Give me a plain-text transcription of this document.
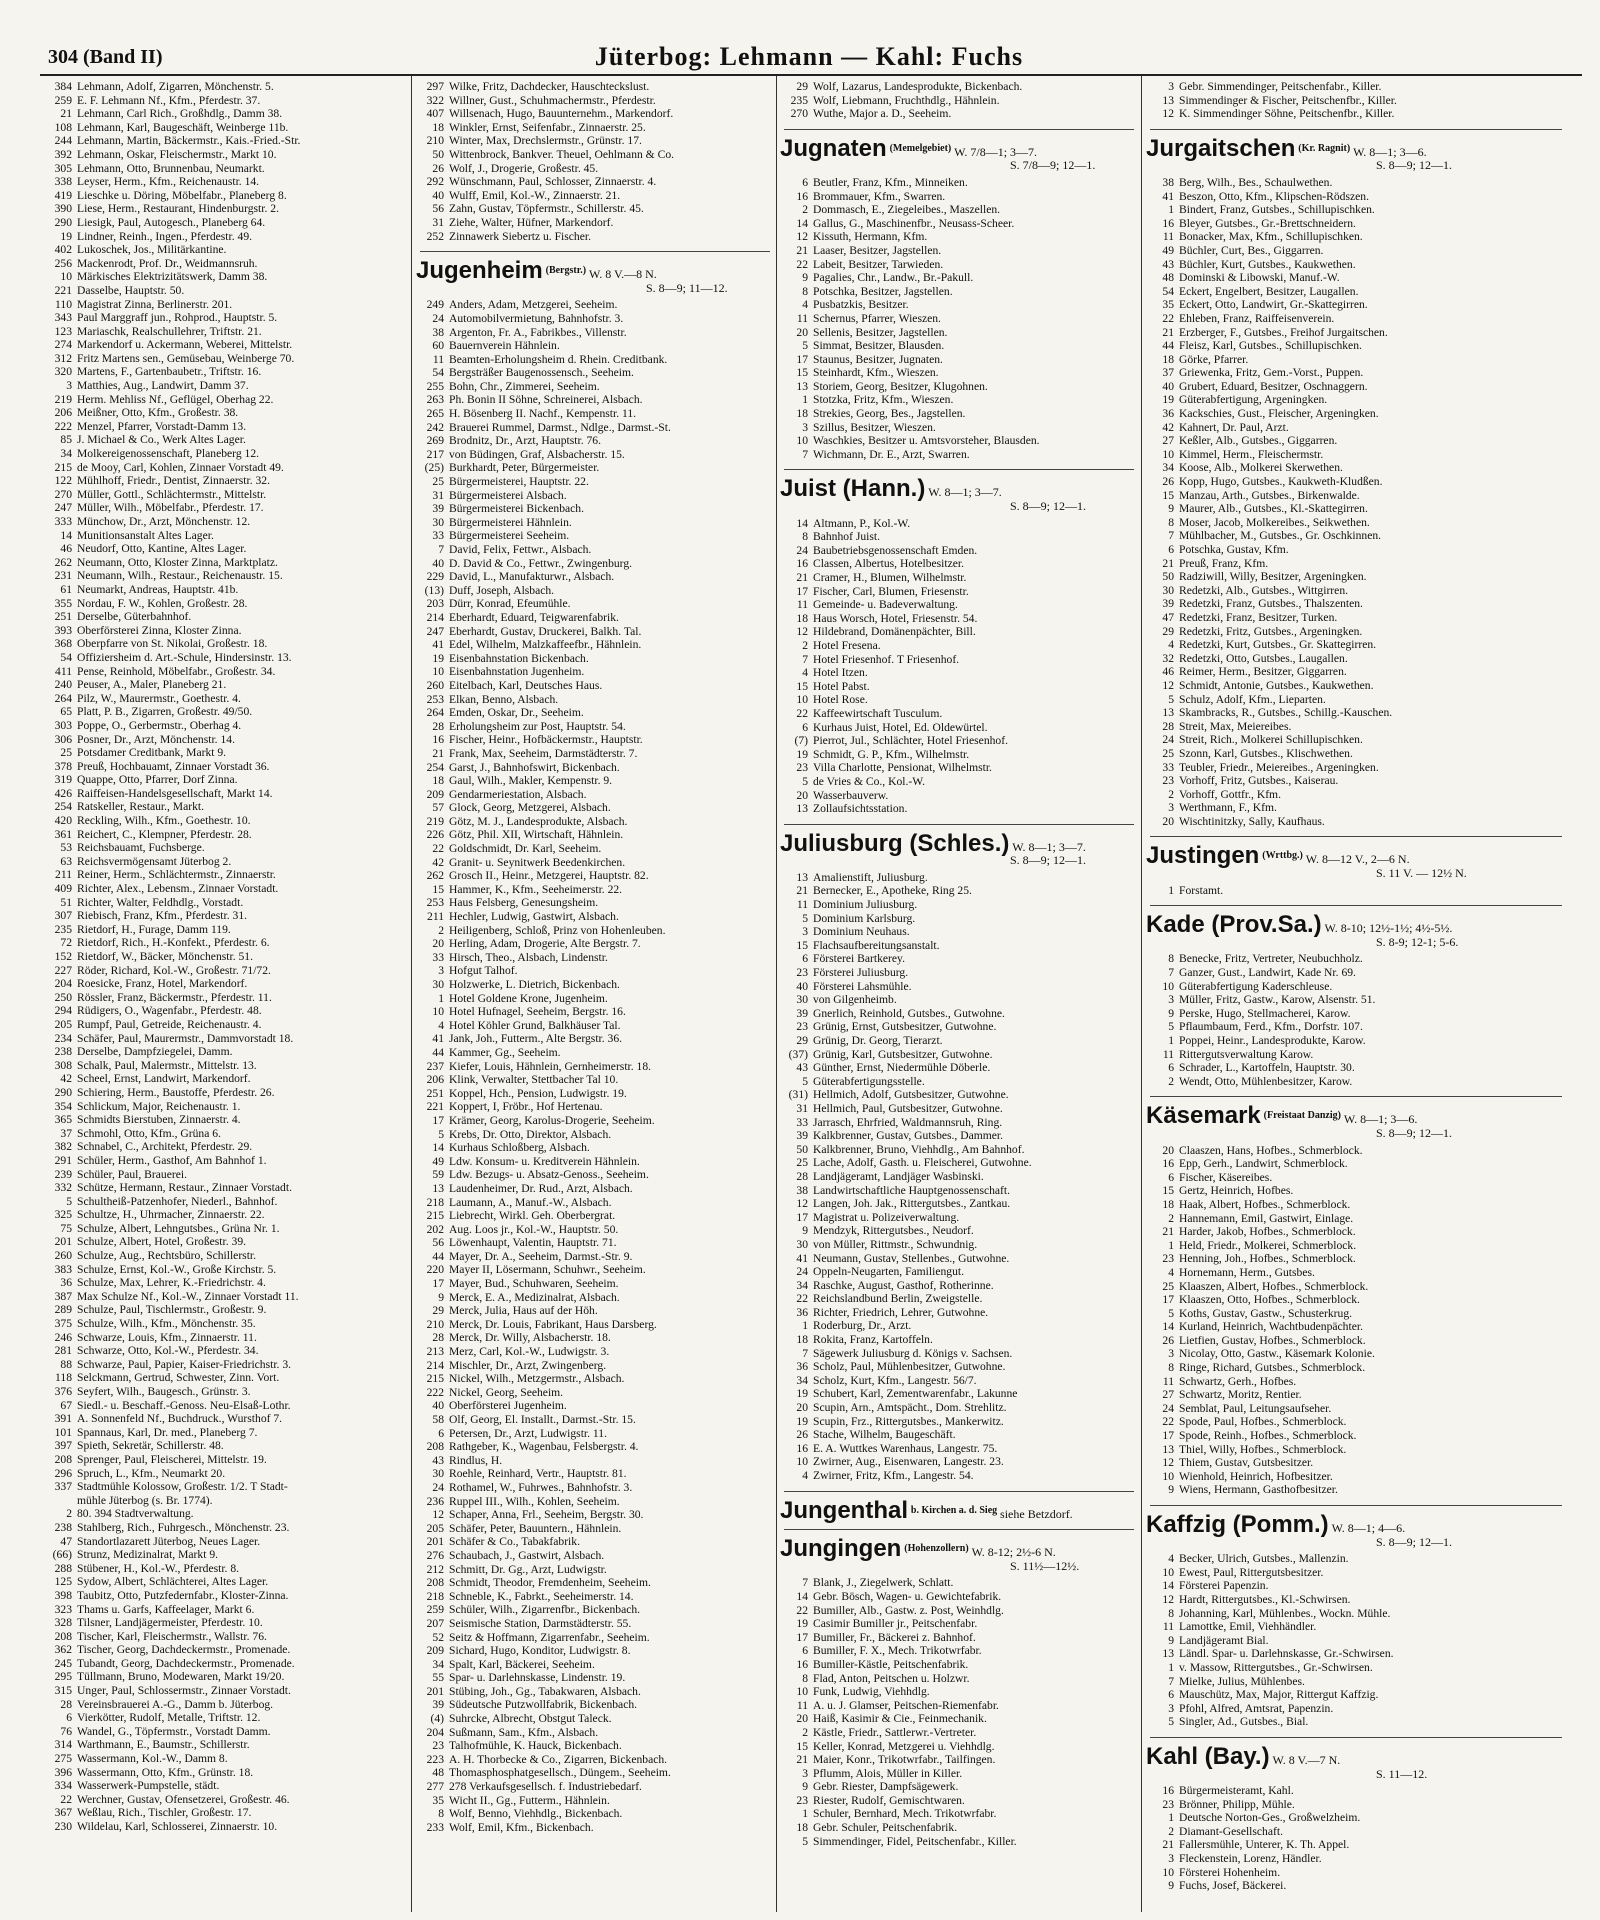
304 (Band II)	Jüterbog: Lehmann — Kahl: Fuchs
384 Lehmann, Adolf, Zigarren, Mönchenstr. 5.
259 E. F. Lehmann Nf., Kfm., Pferdestr. 37.
21 Lehmann, Carl Rich., Großhdlg., Damm 38.
108 Lehmann, Karl, Baugeschäft, Weinberge 11b.
244 Lehmann, Martin, Bäckermstr., Kais.-Fried.-Str.
392 Lehmann, Oskar, Fleischermstr., Markt 10.
305 Lehmann, Otto, Brunnenbau, Neumarkt.
338 Leyser, Herm., Kfm., Reichenaustr. 14.
419 Lieschke u. Döring, Möbelfabr., Planeberg 8.
390 Liese, Herm., Restaurant, Hindenburgstr. 2.
290 Liesigk, Paul, Autogesch., Planeberg 64.
19 Lindner, Reinh., Ingen., Pferdestr. 49.
402 Lukoschek, Jos., Militärkantine.
256 Mackenrodt, Prof. Dr., Weidmannsruh.
10 Märkisches Elektrizitätswerk, Damm 38.
221 Dasselbe, Hauptstr. 50.
110 Magistrat Zinna, Berlinerstr. 201.
343 Paul Marggraff jun., Rohprod., Hauptstr. 5.
123 Mariaschk, Realschullehrer, Triftstr. 21.
274 Markendorf u. Ackermann, Weberei, Mittelstr.
312 Fritz Martens sen., Gemüsebau, Weinberge 70.
320 Martens, F., Gartenbaubetr., Triftstr. 16.
3 Matthies, Aug., Landwirt, Damm 37.
219 Herm. Mehliss Nf., Geflügel, Oberhag 22.
206 Meißner, Otto, Kfm., Großestr. 38.
222 Menzel, Pfarrer, Vorstadt-Damm 13.
85 J. Michael & Co., Werk Altes Lager.
34 Molkereigenossenschaft, Planeberg 12.
215 de Mooy, Carl, Kohlen, Zinnaer Vorstadt 49.
122 Mühlhoff, Friedr., Dentist, Zinnaerstr. 32.
270 Müller, Gottl., Schlächtermstr., Mittelstr.
247 Müller, Wilh., Möbelfabr., Pferdestr. 17.
333 Münchow, Dr., Arzt, Mönchenstr. 12.
14 Munitionsanstalt Altes Lager.
46 Neudorf, Otto, Kantine, Altes Lager.
262 Neumann, Otto, Kloster Zinna, Marktplatz.
231 Neumann, Wilh., Restaur., Reichenaustr. 15.
61 Neumarkt, Andreas, Hauptstr. 41b.
355 Nordau, F. W., Kohlen, Großestr. 28.
251 Derselbe, Güterbahnhof.
393 Oberförsterei Zinna, Kloster Zinna.
368 Oberpfarre von St. Nikolai, Großestr. 18.
54 Offiziersheim d. Art.-Schule, Hindersinstr. 13.
411 Pense, Reinhold, Möbelfabr., Großestr. 34.
240 Peuser, A., Maler, Planeberg 21.
264 Pilz, W., Maurermstr., Goethestr. 4.
65 Platt, P. B., Zigarren, Großestr. 49/50.
303 Poppe, O., Gerbermstr., Oberhag 4.
306 Posner, Dr., Arzt, Mönchenstr. 14.
25 Potsdamer Creditbank, Markt 9.
378 Preuß, Hochbauamt, Zinnaer Vorstadt 36.
319 Quappe, Otto, Pfarrer, Dorf Zinna.
426 Raiffeisen-Handelsgesellschaft, Markt 14.
254 Ratskeller, Restaur., Markt.
420 Reckling, Wilh., Kfm., Goethestr. 10.
361 Reichert, C., Klempner, Pferdestr. 28.
53 Reichsbauamt, Fuchsberge.
63 Reichsvermögensamt Jüterbog 2.
211 Reiner, Herm., Schlächtermstr., Zinnaerstr.
409 Richter, Alex., Lebensm., Zinnaer Vorstadt.
51 Richter, Walter, Feldhdlg., Vorstadt.
307 Riebisch, Franz, Kfm., Pferdestr. 31.
235 Rietdorf, H., Furage, Damm 119.
72 Rietdorf, Rich., H.-Konfekt., Pferdestr. 6.
152 Rietdorf, W., Bäcker, Mönchenstr. 51.
227 Röder, Richard, Kol.-W., Großestr. 71/72.
204 Roesicke, Franz, Hotel, Markendorf.
250 Rössler, Franz, Bäckermstr., Pferdestr. 11.
294 Rüdigers, O., Wagenfabr., Pferdestr. 48.
205 Rumpf, Paul, Getreide, Reichenaustr. 4.
234 Schäfer, Paul, Maurermstr., Dammvorstadt 18.
238 Derselbe, Dampfziegelei, Damm.
308 Schalk, Paul, Malermstr., Mittelstr. 13.
42 Scheel, Ernst, Landwirt, Markendorf.
290 Schiering, Herm., Baustoffe, Pferdestr. 26.
354 Schlickum, Major, Reichenaustr. 1.
365 Schmidts Bierstuben, Zinnaerstr. 4.
37 Schmohl, Otto, Kfm., Grüna 6.
382 Schnabel, C., Architekt, Pferdestr. 29.
291 Schüler, Herm., Gasthof, Am Bahnhof 1.
239 Schüler, Paul, Brauerei.
332 Schütze, Hermann, Restaur., Zinnaer Vorstadt.
5 Schultheiß-Patzenhofer, Niederl., Bahnhof.
325 Schultze, H., Uhrmacher, Zinnaerstr. 22.
75 Schulze, Albert, Lehngutsbes., Grüna Nr. 1.
201 Schulze, Albert, Hotel, Großestr. 39.
260 Schulze, Aug., Rechtsbüro, Schillerstr.
383 Schulze, Ernst, Kol.-W., Große Kirchstr. 5.
36 Schulze, Max, Lehrer, K.-Friedrichstr. 4.
387 Max Schulze Nf., Kol.-W., Zinnaer Vorstadt 11.
289 Schulze, Paul, Tischlermstr., Großestr. 9.
375 Schulze, Wilh., Kfm., Mönchenstr. 35.
246 Schwarze, Louis, Kfm., Zinnaerstr. 11.
281 Schwarze, Otto, Kol.-W., Pferdestr. 34.
88 Schwarze, Paul, Papier, Kaiser-Friedrichstr. 3.
118 Selckmann, Gertrud, Schwester, Zinn. Vort.
376 Seyfert, Wilh., Baugesch., Grünstr. 3.
67 Siedl.- u. Beschaff.-Genoss. Neu-Elsaß-Lothr.
391 A. Sonnenfeld Nf., Buchdruck., Wursthof 7.
101 Spannaus, Karl, Dr. med., Planeberg 7.
397 Spieth, Sekretär, Schillerstr. 48.
208 Sprenger, Paul, Fleischerei, Mittelstr. 19.
296 Spruch, L., Kfm., Neumarkt 20.
337 Stadtmühle Kolossow, Großestr. 1/2. T Stadt-
mühle Jüterbog (s. Br. 1774).
2 80. 394 Stadtverwaltung.
238 Stahlberg, Rich., Fuhrgesch., Mönchenstr. 23.
47 Standortlazarett Jüterbog, Neues Lager.
(66) Strunz, Medizinalrat, Markt 9.
288 Stübener, H., Kol.-W., Pferdestr. 8.
125 Sydow, Albert, Schlächterei, Altes Lager.
398 Taubitz, Otto, Putzfedernfabr., Kloster-Zinna.
323 Thams u. Garfs, Kaffeelager, Markt 6.
328 Tilsner, Landjägermeister, Pferdestr. 10.
208 Tischer, Karl, Fleischermstr., Wallstr. 76.
362 Tischer, Georg, Dachdeckermstr., Promenade.
245 Tubandt, Georg, Dachdeckermstr., Promenade.
295 Tüllmann, Bruno, Modewaren, Markt 19/20.
315 Unger, Paul, Schlossermstr., Zinnaer Vorstadt.
28 Vereinsbrauerei A.-G., Damm b. Jüterbog.
6 Vierkötter, Rudolf, Metalle, Triftstr. 12.
76 Wandel, G., Töpfermstr., Vorstadt Damm.
314 Warthmann, E., Baumstr., Schillerstr.
275 Wassermann, Kol.-W., Damm 8.
396 Wassermann, Otto, Kfm., Grünstr. 18.
334 Wasserwerk-Pumpstelle, städt.
22 Werchner, Gustav, Ofensetzerei, Großestr. 46.
367 Weßlau, Rich., Tischler, Großestr. 17.
230 Wildelau, Karl, Schlosserei, Zinnaerstr. 10.
297 Wilke, Fritz, Dachdecker, Hauschteckslust.
322 Willner, Gust., Schuhmachermstr., Pferdestr.
407 Willsenach, Hugo, Bauunternehm., Markendorf.
18 Winkler, Ernst, Seifenfabr., Zinnaerstr. 25.
210 Winter, Max, Drechslermstr., Grünstr. 17.
50 Wittenbrock, Bankver. Theuel, Oehlmann & Co.
26 Wolf, J., Drogerie, Großestr. 45.
292 Wünschmann, Paul, Schlosser, Zinnaerstr. 4.
40 Wulff, Emil, Kol.-W., Zinnaerstr. 21.
56 Zahn, Gustav, Töpfermstr., Schillerstr. 45.
31 Ziehe, Walter, Hüfner, Markendorf.
252 Zinnawerk Siebertz u. Fischer.
Jugenheim (Bergstr.) W. 8 V.—8 N.
S. 8—9; 11—12.
249 Anders, Adam, Metzgerei, Seeheim.
24 Automobilvermietung, Bahnhofstr. 3.
38 Argenton, Fr. A., Fabrikbes., Villenstr.
60 Bauernverein Hähnlein.
11 Beamten-Erholungsheim d. Rhein. Creditbank.
54 Bergsträßer Baugenossensch., Seeheim.
255 Bohn, Chr., Zimmerei, Seeheim.
263 Ph. Bonin II Söhne, Schreinerei, Alsbach.
265 H. Bösenberg II. Nachf., Kempenstr. 11.
242 Brauerei Rummel, Darmst., Ndlge., Darmst.-St.
269 Brodnitz, Dr., Arzt, Hauptstr. 76.
217 von Büdingen, Graf, Alsbacherstr. 15.
(25) Burkhardt, Peter, Bürgermeister.
25 Bürgermeisterei, Hauptstr. 22.
31 Bürgermeisterei Alsbach.
39 Bürgermeisterei Bickenbach.
30 Bürgermeisterei Hähnlein.
33 Bürgermeisterei Seeheim.
7 David, Felix, Fettwr., Alsbach.
40 D. David & Co., Fettwr., Zwingenburg.
229 David, L., Manufakturwr., Alsbach.
(13) Duff, Joseph, Alsbach.
203 Dürr, Konrad, Efeumühle.
214 Eberhardt, Eduard, Teigwarenfabrik.
247 Eberhardt, Gustav, Druckerei, Balkh. Tal.
41 Edel, Wilhelm, Malzkaffeefbr., Hähnlein.
19 Eisenbahnstation Bickenbach.
10 Eisenbahnstation Jugenheim.
260 Eitelbach, Karl, Deutsches Haus.
253 Elkan, Benno, Alsbach.
264 Emden, Oskar, Dr., Seeheim.
28 Erholungsheim zur Post, Hauptstr. 54.
16 Fischer, Heinr., Hofbäckermstr., Hauptstr.
21 Frank, Max, Seeheim, Darmstädterstr. 7.
254 Garst, J., Bahnhofswirt, Bickenbach.
18 Gaul, Wilh., Makler, Kempenstr. 9.
209 Gendarmeriestation, Alsbach.
57 Glock, Georg, Metzgerei, Alsbach.
219 Götz, M. J., Landesprodukte, Alsbach.
226 Götz, Phil. XII, Wirtschaft, Hähnlein.
22 Goldschmidt, Dr. Karl, Seeheim.
42 Granit- u. Seynitwerk Beedenkirchen.
262 Grosch II., Heinr., Metzgerei, Hauptstr. 82.
15 Hammer, K., Kfm., Seeheimerstr. 22.
253 Haus Felsberg, Genesungsheim.
211 Hechler, Ludwig, Gastwirt, Alsbach.
2 Heiligenberg, Schloß, Prinz von Hohenleuben.
20 Herling, Adam, Drogerie, Alte Bergstr. 7.
33 Hirsch, Theo., Alsbach, Lindenstr.
3 Hofgut Talhof.
30 Holzwerke, L. Dietrich, Bickenbach.
1 Hotel Goldene Krone, Jugenheim.
10 Hotel Hufnagel, Seeheim, Bergstr. 16.
4 Hotel Köhler Grund, Balkhäuser Tal.
41 Jank, Joh., Futterm., Alte Bergstr. 36.
44 Kammer, Gg., Seeheim.
237 Kiefer, Louis, Hähnlein, Gernheimerstr. 18.
206 Klink, Verwalter, Stettbacher Tal 10.
251 Koppel, Hch., Pension, Ludwigstr. 19.
221 Koppert, I, Fröbr., Hof Hertenau.
17 Krämer, Georg, Karolus-Drogerie, Seeheim.
5 Krebs, Dr. Otto, Direktor, Alsbach.
14 Kurhaus Schloßberg, Alsbach.
49 Ldw. Konsum- u. Kreditverein Hähnlein.
59 Ldw. Bezugs- u. Absatz-Genoss., Seeheim.
13 Laudenheimer, Dr. Rud., Arzt, Alsbach.
218 Laumann, A., Manuf.-W., Alsbach.
215 Liebrecht, Wirkl. Geh. Oberbergrat.
202 Aug. Loos jr., Kol.-W., Hauptstr. 50.
56 Löwenhaupt, Valentin, Hauptstr. 71.
44 Mayer, Dr. A., Seeheim, Darmst.-Str. 9.
220 Mayer II, Lösermann, Schuhwr., Seeheim.
17 Mayer, Bud., Schuhwaren, Seeheim.
9 Merck, E. A., Medizinalrat, Alsbach.
29 Merck, Julia, Haus auf der Höh.
210 Merck, Dr. Louis, Fabrikant, Haus Darsberg.
28 Merck, Dr. Willy, Alsbacherstr. 18.
213 Merz, Carl, Kol.-W., Ludwigstr. 3.
214 Mischler, Dr., Arzt, Zwingenberg.
215 Nickel, Wilh., Metzgermstr., Alsbach.
222 Nickel, Georg, Seeheim.
40 Oberförsterei Jugenheim.
58 Olf, Georg, El. Installt., Darmst.-Str. 15.
6 Petersen, Dr., Arzt, Ludwigstr. 11.
208 Rathgeber, K., Wagenbau, Felsbergstr. 4.
43 Rindlus, H.
30 Roehle, Reinhard, Vertr., Hauptstr. 81.
24 Rothamel, W., Fuhrwes., Bahnhofstr. 3.
236 Ruppel III., Wilh., Kohlen, Seeheim.
12 Schaper, Anna, Frl., Seeheim, Bergstr. 30.
205 Schäfer, Peter, Bauuntern., Hähnlein.
201 Schäfer & Co., Tabakfabrik.
276 Schaubach, J., Gastwirt, Alsbach.
212 Schmitt, Dr. Gg., Arzt, Ludwigstr.
208 Schmidt, Theodor, Fremdenheim, Seeheim.
218 Schneble, K., Fabrkt., Seeheimerstr. 14.
259 Schüler, Wilh., Zigarrenfbr., Bickenbach.
207 Seismische Station, Darmstädterstr. 55.
52 Seitz & Hoffmann, Zigarrenfabr., Seeheim.
209 Sichard, Hugo, Konditor, Ludwigstr. 8.
34 Spalt, Karl, Bäckerei, Seeheim.
55 Spar- u. Darlehnskasse, Lindenstr. 19.
201 Stübing, Joh., Gg., Tabakwaren, Alsbach.
39 Südeutsche Putzwollfabrik, Bickenbach.
(4) Suhrcke, Albrecht, Obstgut Taleck.
204 Sußmann, Sam., Kfm., Alsbach.
23 Talhofmühle, K. Hauck, Bickenbach.
223 A. H. Thorbecke & Co., Zigarren, Bickenbach.
48 Thomasphosphatgesellsch., Düngem., Seeheim.
277 278 Verkaufsgesellsch. f. Industriebedarf.
35 Wicht II., Gg., Futterm., Hähnlein.
8 Wolf, Benno, Viehhdlg., Bickenbach.
233 Wolf, Emil, Kfm., Bickenbach.
29 Wolf, Lazarus, Landesprodukte, Bickenbach.
235 Wolf, Liebmann, Fruchthdlg., Hähnlein.
270 Wuthe, Major a. D., Seeheim.
Jugnaten (Memelgebiet) W. 7/8—1; 3—7.
S. 7/8—9; 12—1.
6 Beutler, Franz, Kfm., Minneiken.
16 Brommauer, Kfm., Swarren.
2 Dommasch, E., Ziegeleibes., Maszellen.
14 Gallus, G., Maschinenfbr., Neusass-Scheer.
12 Kissuth, Hermann, Kfm.
21 Laaser, Besitzer, Jagstellen.
22 Labeit, Besitzer, Tarwieden.
9 Pagalies, Chr., Landw., Br.-Pakull.
8 Potschka, Besitzer, Jagstellen.
4 Pusbatzkis, Besitzer.
11 Schernus, Pfarrer, Wieszen.
20 Sellenis, Besitzer, Jagstellen.
5 Simmat, Besitzer, Blausden.
17 Staunus, Besitzer, Jugnaten.
15 Steinhardt, Kfm., Wieszen.
13 Storiem, Georg, Besitzer, Klugohnen.
1 Stotzka, Fritz, Kfm., Wieszen.
18 Strekies, Georg, Bes., Jagstellen.
3 Szillus, Besitzer, Wieszen.
10 Waschkies, Besitzer u. Amtsvorsteher, Blausden.
7 Wichmann, Dr. E., Arzt, Swarren.
Juist (Hann.) W. 8—1; 3—7.
S. 8—9; 12—1.
14 Altmann, P., Kol.-W.
8 Bahnhof Juist.
24 Baubetriebsgenossenschaft Emden.
16 Classen, Albertus, Hotelbesitzer.
21 Cramer, H., Blumen, Wilhelmstr.
17 Fischer, Carl, Blumen, Friesenstr.
11 Gemeinde- u. Badeverwaltung.
18 Haus Worsch, Hotel, Friesenstr. 54.
12 Hildebrand, Domänenpächter, Bill.
2 Hotel Fresena.
7 Hotel Friesenhof. T Friesenhof.
4 Hotel Itzen.
15 Hotel Pabst.
10 Hotel Rose.
22 Kaffeewirtschaft Tusculum.
6 Kurhaus Juist, Hotel, Ed. Oldewürtel.
(7) Pierrot, Jul., Schlächter, Hotel Friesenhof.
19 Schmidt, G. P., Kfm., Wilhelmstr.
23 Villa Charlotte, Pensionat, Wilhelmstr.
5 de Vries & Co., Kol.-W.
20 Wasserbauverw.
13 Zollaufsichtsstation.
Juliusburg (Schles.) W. 8—1; 3—7.
S. 8—9; 12—1.
13 Amalienstift, Juliusburg.
21 Bernecker, E., Apotheke, Ring 25.
11 Dominium Juliusburg.
5 Dominium Karlsburg.
3 Dominium Neuhaus.
15 Flachsaufbereitungsanstalt.
6 Försterei Bartkerey.
23 Försterei Juliusburg.
40 Försterei Lahsmühle.
30 von Gilgenheimb.
39 Gnerlich, Reinhold, Gutsbes., Gutwohne.
23 Grünig, Ernst, Gutsbesitzer, Gutwohne.
29 Grünig, Dr. Georg, Tierarzt.
(37) Grünig, Karl, Gutsbesitzer, Gutwohne.
43 Günther, Ernst, Niedermühle Döberle.
5 Güterabfertigungsstelle.
(31) Hellmich, Adolf, Gutsbesitzer, Gutwohne.
31 Hellmich, Paul, Gutsbesitzer, Gutwohne.
33 Jarrasch, Ehrfried, Waldmannsruh, Ring.
39 Kalkbrenner, Gustav, Gutsbes., Dammer.
50 Kalkbrenner, Bruno, Viehhdlg., Am Bahnhof.
25 Lache, Adolf, Gasth. u. Fleischerei, Gutwohne.
28 Landjägeramt, Landjäger Wasbinski.
38 Landwirtschaftliche Hauptgenossenschaft.
12 Langen, Joh. Jak., Rittergutsbes., Zantkau.
17 Magistrat u. Polizeiverwaltung.
9 Mendzyk, Rittergutsbes., Neudorf.
30 von Müller, Rittmstr., Schwundnig.
41 Neumann, Gustav, Stellenbes., Gutwohne.
24 Oppeln-Neugarten, Familiengut.
34 Raschke, August, Gasthof, Rotherinne.
22 Reichslandbund Berlin, Zweigstelle.
36 Richter, Friedrich, Lehrer, Gutwohne.
1 Roderburg, Dr., Arzt.
18 Rokita, Franz, Kartoffeln.
7 Sägewerk Juliusburg d. Königs v. Sachsen.
36 Scholz, Paul, Mühlenbesitzer, Gutwohne.
34 Scholz, Kurt, Kfm., Langestr. 56/7.
19 Schubert, Karl, Zementwarenfabr., Lakunne
20 Scupin, Arn., Amtspächt., Dom. Strehlitz.
19 Scupin, Frz., Rittergutsbes., Mankerwitz.
26 Stache, Wilhelm, Baugeschäft.
16 E. A. Wuttkes Warenhaus, Langestr. 75.
10 Zwirner, Aug., Eisenwaren, Langestr. 23.
4 Zwirner, Fritz, Kfm., Langestr. 54.
Jungenthal b. Kirchen a. d. Sieg siehe Betzdorf.
Jungingen (Hohenzollern) W. 8-12; 2½-6 N.
S. 11½—12½.
7 Blank, J., Ziegelwerk, Schlatt.
14 Gebr. Bösch, Wagen- u. Gewichtefabrik.
22 Bumiller, Alb., Gastw. z. Post, Weinhdlg.
19 Casimir Bumiller jr., Peitschenfabr.
17 Bumiller, Fr., Bäckerei z. Bahnhof.
6 Bumiller, F. X., Mech. Trikotwrfabr.
16 Bumiller-Kästle, Peitschenfabrik.
8 Flad, Anton, Peitschen u. Holzwr.
10 Funk, Ludwig, Viehhdlg.
11 A. u. J. Glamser, Peitschen-Riemenfabr.
20 Haiß, Kasimir & Cie., Feinmechanik.
2 Kästle, Friedr., Sattlerwr.-Vertreter.
15 Keller, Konrad, Metzgerei u. Viehhdlg.
21 Maier, Konr., Trikotwrfabr., Tailfingen.
3 Pflumm, Alois, Müller in Killer.
9 Gebr. Riester, Dampfsägewerk.
23 Riester, Rudolf, Gemischtwaren.
1 Schuler, Bernhard, Mech. Trikotwrfabr.
18 Gebr. Schuler, Peitschenfabrik.
5 Simmendinger, Fidel, Peitschenfabr., Killer.
3 Gebr. Simmendinger, Peitschenfabr., Killer.
13 Simmendinger & Fischer, Peitschenfbr., Killer.
12 K. Simmendinger Söhne, Peitschenfbr., Killer.
Jurgaitschen (Kr. Ragnit) W. 8—1; 3—6.
S. 8—9; 12—1.
38 Berg, Wilh., Bes., Schaulwethen.
41 Beszon, Otto, Kfm., Klipschen-Rödszen.
1 Bindert, Franz, Gutsbes., Schillupischken.
16 Bleyer, Gutsbes., Gr.-Brettschneidern.
11 Bonacker, Max, Kfm., Schillupischken.
49 Büchler, Curt, Bes., Giggarren.
43 Büchler, Kurt, Gutsbes., Kaukwethen.
48 Dominski & Libowski, Manuf.-W.
54 Eckert, Engelbert, Besitzer, Laugallen.
35 Eckert, Otto, Landwirt, Gr.-Skattegirren.
22 Ehleben, Franz, Raiffeisenverein.
21 Erzberger, F., Gutsbes., Freihof Jurgaitschen.
44 Fleisz, Karl, Gutsbes., Schillupischken.
18 Görke, Pfarrer.
37 Griewenka, Fritz, Gem.-Vorst., Puppen.
40 Grubert, Eduard, Besitzer, Oschnaggern.
19 Güterabfertigung, Argeningken.
36 Kackschies, Gust., Fleischer, Argeningken.
42 Kahnert, Dr. Paul, Arzt.
27 Keßler, Alb., Gutsbes., Giggarren.
10 Kimmel, Herm., Fleischermstr.
34 Koose, Alb., Molkerei Skerwethen.
26 Kopp, Hugo, Gutsbes., Kaukweth-Kludßen.
15 Manzau, Arth., Gutsbes., Birkenwalde.
9 Maurer, Alb., Gutsbes., Kl.-Skattegirren.
8 Moser, Jacob, Molkereibes., Seikwethen.
7 Mühlbacher, M., Gutsbes., Gr. Oschkinnen.
6 Potschka, Gustav, Kfm.
21 Preuß, Franz, Kfm.
50 Radziwill, Willy, Besitzer, Argeningken.
30 Redetzki, Alb., Gutsbes., Wittgirren.
39 Redetzki, Franz, Gutsbes., Thalszenten.
47 Redetzki, Franz, Besitzer, Turken.
29 Redetzki, Fritz, Gutsbes., Argeningken.
4 Redetzki, Kurt, Gutsbes., Gr. Skattegirren.
32 Redetzki, Otto, Gutsbes., Laugallen.
46 Reimer, Herm., Besitzer, Giggarren.
12 Schmidt, Antonie, Gutsbes., Kaukwethen.
5 Schulz, Adolf, Kfm., Lieparten.
13 Skambracks, R., Gutsbes., Schillg.-Kauschen.
28 Streit, Max, Meiereibes.
24 Streit, Rich., Molkerei Schillupischken.
25 Szonn, Karl, Gutsbes., Klischwethen.
33 Teubler, Friedr., Meiereibes., Argeningken.
23 Vorhoff, Fritz, Gutsbes., Kaiserau.
2 Vorhoff, Gottfr., Kfm.
3 Werthmann, F., Kfm.
20 Wischtinitzky, Sally, Kaufhaus.
Justingen (Wrttbg.) W. 8—12 V., 2—6 N.
S. 11 V. — 12½ N.
1 Forstamt.
Kade (Prov.Sa.) W. 8-10; 12½-1½; 4½-5½.
S. 8-9; 12-1; 5-6.
8 Benecke, Fritz, Vertreter, Neubuchholz.
7 Ganzer, Gust., Landwirt, Kade Nr. 69.
10 Güterabfertigung Kaderschleuse.
3 Müller, Fritz, Gastw., Karow, Alsenstr. 51.
9 Perske, Hugo, Stellmacherei, Karow.
5 Pflaumbaum, Ferd., Kfm., Dorfstr. 107.
1 Poppei, Heinr., Landesprodukte, Karow.
11 Rittergutsverwaltung Karow.
6 Schrader, L., Kartoffeln, Hauptstr. 30.
2 Wendt, Otto, Mühlenbesitzer, Karow.
Käsemark (Freistaat Danzig) W. 8—1; 3—6.
S. 8—9; 12—1.
20 Claaszen, Hans, Hofbes., Schmerblock.
16 Epp, Gerh., Landwirt, Schmerblock.
6 Fischer, Käsereibes.
15 Gertz, Heinrich, Hofbes.
18 Haak, Albert, Hofbes., Schmerblock.
2 Hannemann, Emil, Gastwirt, Einlage.
21 Harder, Jakob, Hofbes., Schmerblock.
1 Held, Friedr., Molkerei, Schmerblock.
23 Henning, Joh., Hofbes., Schmerblock.
4 Hornemann, Herm., Gutsbes.
25 Klaaszen, Albert, Hofbes., Schmerblock.
17 Klaaszen, Otto, Hofbes., Schmerblock.
5 Koths, Gustav, Gastw., Schusterkrug.
14 Kurland, Heinrich, Wachtbudenpächter.
26 Lietfien, Gustav, Hofbes., Schmerblock.
3 Nicolay, Otto, Gastw., Käsemark Kolonie.
8 Ringe, Richard, Gutsbes., Schmerblock.
11 Schwartz, Gerh., Hofbes.
27 Schwartz, Moritz, Rentier.
24 Semblat, Paul, Leitungsaufseher.
22 Spode, Paul, Hofbes., Schmerblock.
17 Spode, Reinh., Hofbes., Schmerblock.
13 Thiel, Willy, Hofbes., Schmerblock.
12 Thiem, Gustav, Gutsbesitzer.
10 Wienhold, Heinrich, Hofbesitzer.
9 Wiens, Hermann, Gasthofbesitzer.
Kaffzig (Pomm.) W. 8—1; 4—6.
S. 8—9; 12—1.
4 Becker, Ulrich, Gutsbes., Mallenzin.
10 Ewest, Paul, Rittergutsbesitzer.
14 Försterei Papenzin.
12 Hardt, Rittergutsbes., Kl.-Schwirsen.
8 Johanning, Karl, Mühlenbes., Wockn. Mühle.
11 Lamottke, Emil, Viehhändler.
9 Landjägeramt Bial.
13 Ländl. Spar- u. Darlehnskasse, Gr.-Schwirsen.
1 v. Massow, Rittergutsbes., Gr.-Schwirsen.
7 Mielke, Julius, Mühlenbes.
6 Mauschütz, Max, Major, Rittergut Kaffzig.
3 Pfohl, Alfred, Amtsrat, Papenzin.
5 Singler, Ad., Gutsbes., Bial.
Kahl (Bay.) W. 8 V.—7 N.
S. 11—12.
16 Bürgermeisteramt, Kahl.
23 Brönner, Philipp, Mühle.
1 Deutsche Norton-Ges., Großwelzheim.
2 Diamant-Gesellschaft.
21 Fallersmühle, Unterer, K. Th. Appel.
3 Fleckenstein, Lorenz, Händler.
10 Försterei Hohenheim.
9 Fuchs, Josef, Bäckerei.
